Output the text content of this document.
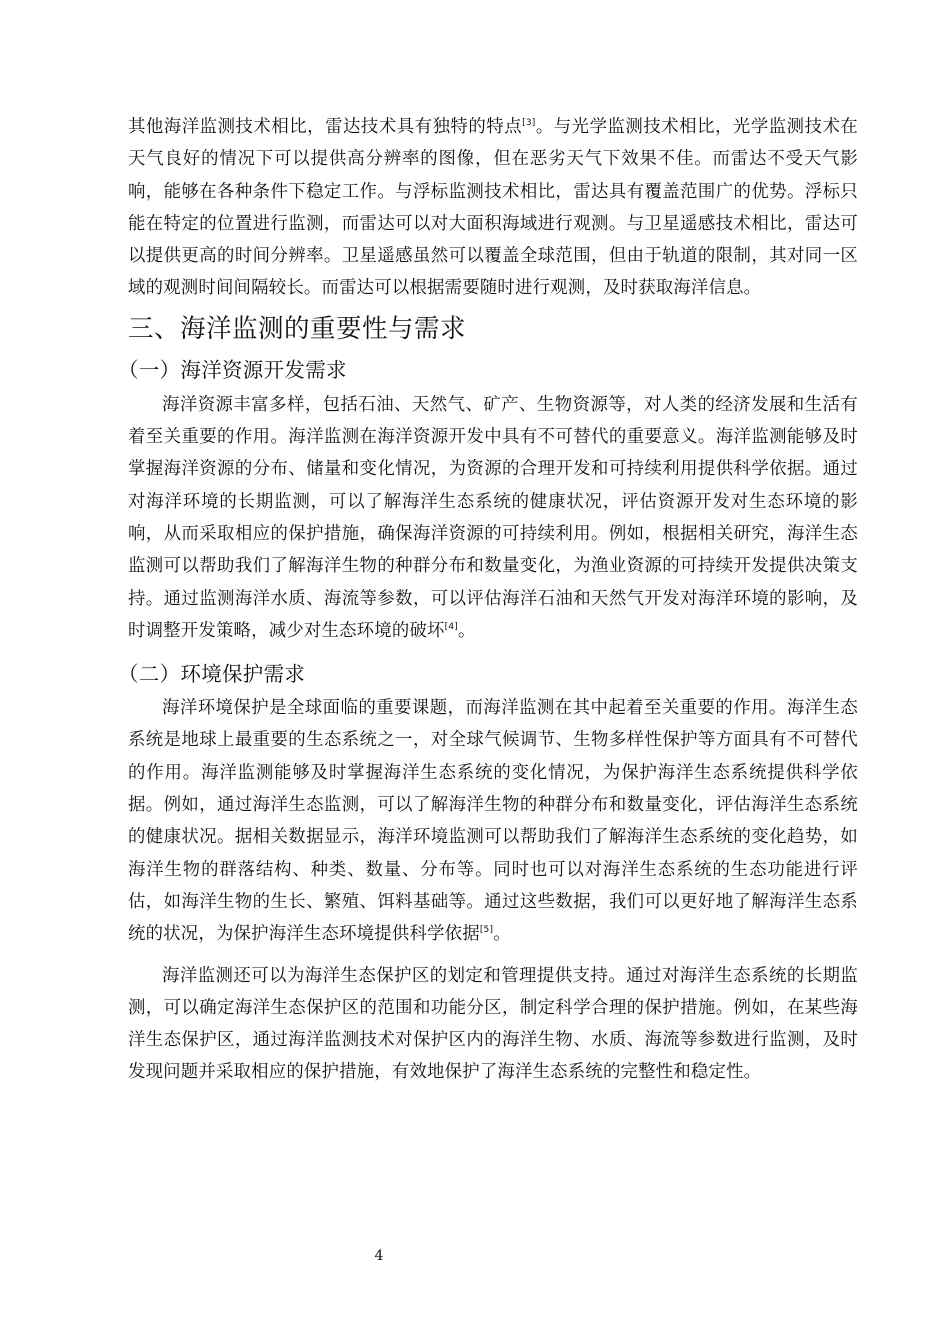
其他海洋监测技术相比，雷达技术具有独特的特点[3]。与光学监测技术相比，光学监测技术在天气良好的情况下可以提供高分辨率的图像，但在恶劣天气下效果不佳。而雷达不受天气影响，能够在各种条件下稳定工作。与浮标监测技术相比，雷达具有覆盖范围广的优势。浮标只能在特定的位置进行监测，而雷达可以对大面积海域进行观测。与卫星遥感技术相比，雷达可以提供更高的时间分辨率。卫星遥感虽然可以覆盖全球范围，但由于轨道的限制，其对同一区域的观测时间间隔较长。而雷达可以根据需要随时进行观测，及时获取海洋信息。

三、海洋监测的重要性与需求
（一）海洋资源开发需求

海洋资源丰富多样，包括石油、天然气、矿产、生物资源等，对人类的经济发展和生活有着至关重要的作用。海洋监测在海洋资源开发中具有不可替代的重要意义。海洋监测能够及时掌握海洋资源的分布、储量和变化情况，为资源的合理开发和可持续利用提供科学依据。通过对海洋环境的长期监测，可以了解海洋生态系统的健康状况，评估资源开发对生态环境的影响，从而采取相应的保护措施，确保海洋资源的可持续利用。例如，根据相关研究，海洋生态监测可以帮助我们了解海洋生物的种群分布和数量变化，为渔业资源的可持续开发提供决策支持。通过监测海洋水质、海流等参数，可以评估海洋石油和天然气开发对海洋环境的影响，及时调整开发策略，减少对生态环境的破坏[4]。

（二）环境保护需求

海洋环境保护是全球面临的重要课题，而海洋监测在其中起着至关重要的作用。海洋生态系统是地球上最重要的生态系统之一，对全球气候调节、生物多样性保护等方面具有不可替代的作用。海洋监测能够及时掌握海洋生态系统的变化情况，为保护海洋生态系统提供科学依据。例如，通过海洋生态监测，可以了解海洋生物的种群分布和数量变化，评估海洋生态系统的健康状况。据相关数据显示，海洋环境监测可以帮助我们了解海洋生态系统的变化趋势，如海洋生物的群落结构、种类、数量、分布等。同时也可以对海洋生态系统的生态功能进行评估，如海洋生物的生长、繁殖、饵料基础等。通过这些数据，我们可以更好地了解海洋生态系统的状况，为保护海洋生态环境提供科学依据[5]。

海洋监测还可以为海洋生态保护区的划定和管理提供支持。通过对海洋生态系统的长期监测，可以确定海洋生态保护区的范围和功能分区，制定科学合理的保护措施。例如，在某些海洋生态保护区，通过海洋监测技术对保护区内的海洋生物、水质、海流等参数进行监测，及时发现问题并采取相应的保护措施，有效地保护了海洋生态系统的完整性和稳定性。

4
